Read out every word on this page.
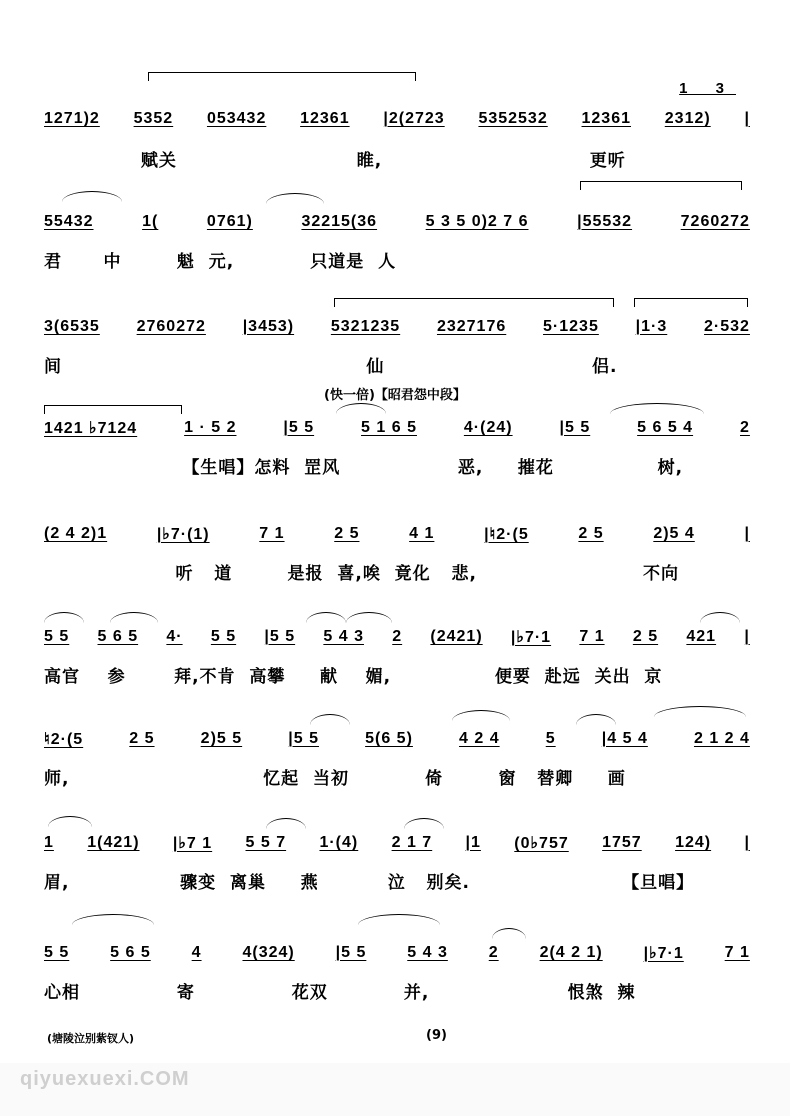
1 3
1271)2 5352 053432 12361 |2(2723 5352532 12361 2312) |
赋关                          睢,                              更听
55432	1(	0761)	32215(36	5 3 5 0)2 7 6	|55532	7260272
君      中        魁  元,           只道是  人
3(6535 2760272 |3453) 5321235 2327176 5·1235 |1·3 2·532
间                                            仙                              侣.
(快一倍)【昭君怨中段】
1421 ♭7124	1 · 5 2	|5 5	5 1 6 5	4·(24)	|5 5	5 6 5 4	2
【生唱】怎料  罡风                 恶,     摧花               树,
(2 4 2)1	|♭7·(1)	7 1	2 5	4 1	|♮2·(5	2 5	2)5 4	|
听   道        是报  喜,唉  竟化   悲,                        不向
5 5 5 6 5 4· 5 5 |5 5 5 4 3 2 (2421) |♭7·1 7 1 2 5 421 |
高官    参       拜,不肯  高攀     献    媚,               便要  赴远  关出  京
♮2·(5	2 5	2)5 5	|5 5	5(6 5)	4 2 4	5	|4 5 4	2 1 2 4
师,                            忆起  当初           倚        窗   替卿     画
1 1(421) |♭7 1 5 5 7 1·(4) 2 1 7 |1 (0♭757 1757 124) |
眉,                骤变  离巢     燕          泣   别矣.                      【旦唱】
5 5	5 6 5	4	4(324)	|5 5	5 4 3	2	2(4 2 1)	|♭7·1	7 1
心相              寄              花双           并,                    恨煞  辣
(塘陵泣别紫钗人)	(9)
qiyuexuexi.COM
